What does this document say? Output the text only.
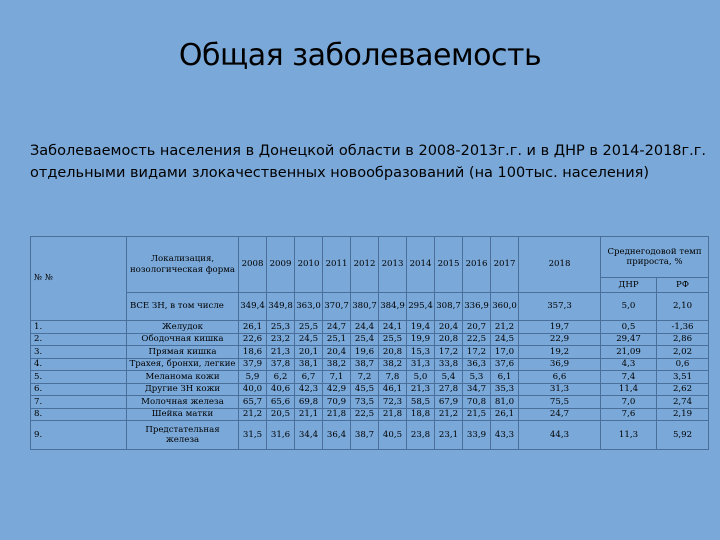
Общая заболеваемость
Заболеваемость населения в Донецкой области в 2008-2013г.г. и в ДНР в 2014-2018г.г. отдельными видами злокачественных новообразований (на 100тыс. населения)
№ №	Локализация, нозологическая форма	2008	2009	2010	2011	2012	2013	2014	2015	2016	2017	2018	Среднегодовой темп прироста, %	
													ДНР	РФ
	ВСЕ ЗН, в том числе	349,4	349,8	363,0	370,7	380,7	384,9	295,4	308,7	336,9	360,0	357,3	5,0	2,10
1.	Желудок	26,1	25,3	25,5	24,7	24,4	24,1	19,4	20,4	20,7	21,2	19,7	0,5	-1,36
2.	Ободочная кишка	22,6	23,2	24,5	25,1	25,4	25,5	19,9	20,8	22,5	24,5	22,9	29,47	2,86
3.	Прямая кишка	18,6	21,3	20,1	20,4	19,6	20,8	15,3	17,2	17,2	17,0	19,2	21,09	2,02
4.	Трахея, бронхи, легкие	37,9	37,8	38,1	38,2	38,7	38,2	31,3	33,8	36,3	37,6	36,9	4,3	0,6
5.	Меланома кожи	5,9	6,2	6,7	7,1	7,2	7,8	5,0	5,4	5,3	6,1	6,6	7,4	3,51
6.	Другие ЗН кожи	40,0	40,6	42,3	42,9	45,5	46,1	21,3	27,8	34,7	35,3	31,3	11,4	2,62
7.	Молочная железа	65,7	65,6	69,8	70,9	73,5	72,3	58,5	67,9	70,8	81,0	75,5	7,0	2,74
8.	Шейка матки	21,2	20,5	21,1	21,8	22,5	21,8	18,8	21,2	21,5	26,1	24,7	7,6	2,19
9.	Предстательная железа	31,5	31,6	34,4	36,4	38,7	40,5	23,8	23,1	33,9	43,3	44,3	11,3	5,92
